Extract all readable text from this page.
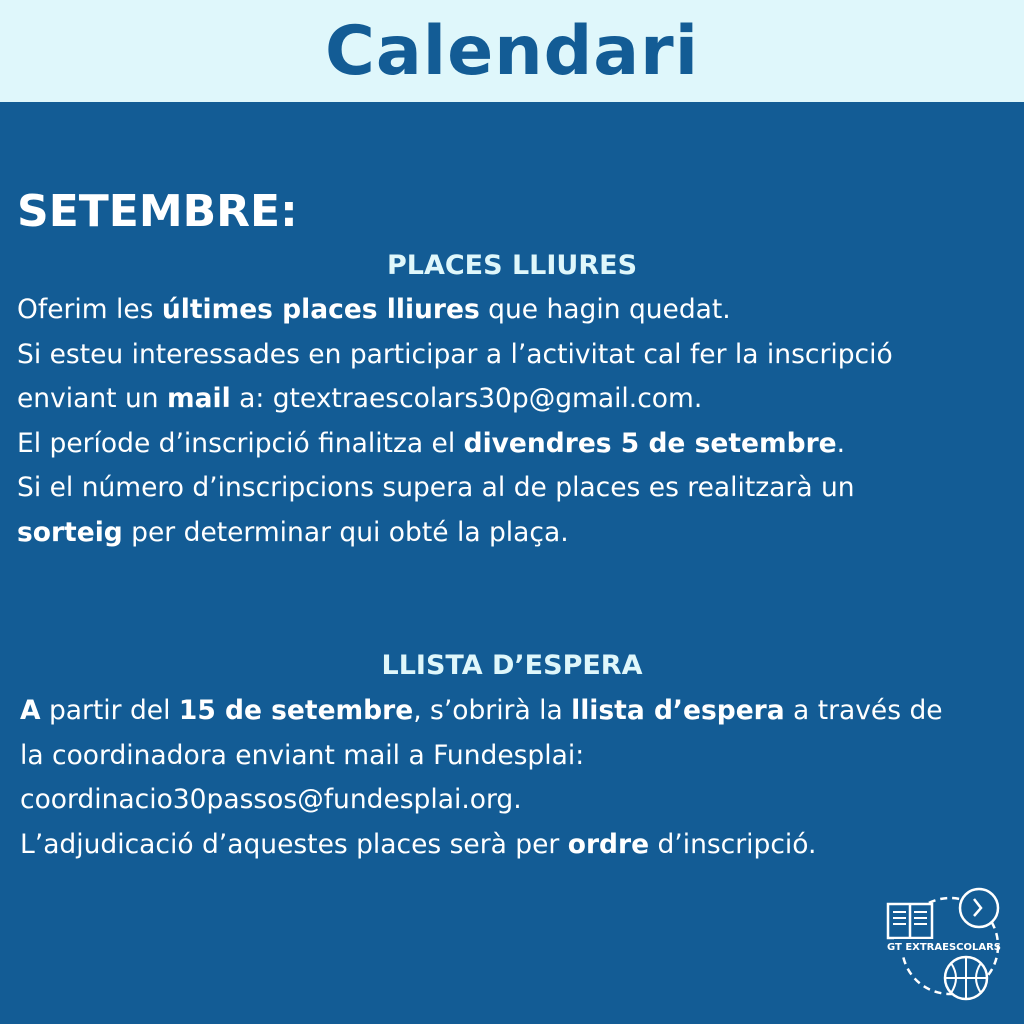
Calendari
SETEMBRE:
PLACES LLIURES

Oferim les últimes places lliures que hagin quedat.

Si esteu interessades en participar a l’activitat cal fer la inscripció

enviant un mail a: gtextraescolars30p@gmail.com.

El període d’inscripció finalitza el divendres 5 de setembre.

Si el número d’inscripcions supera al de places es realitzarà un

sorteig per determinar qui obté la plaça.

LLISTA D’ESPERA

A partir del 15 de setembre, s’obrirà la llista d’espera a través de

la coordinadora enviant mail a Fundesplai:

coordinacio30passos@fundesplai.org.

L’adjudicació d’aquestes places serà per ordre d’inscripció.

GT EXTRAESCOLARS
